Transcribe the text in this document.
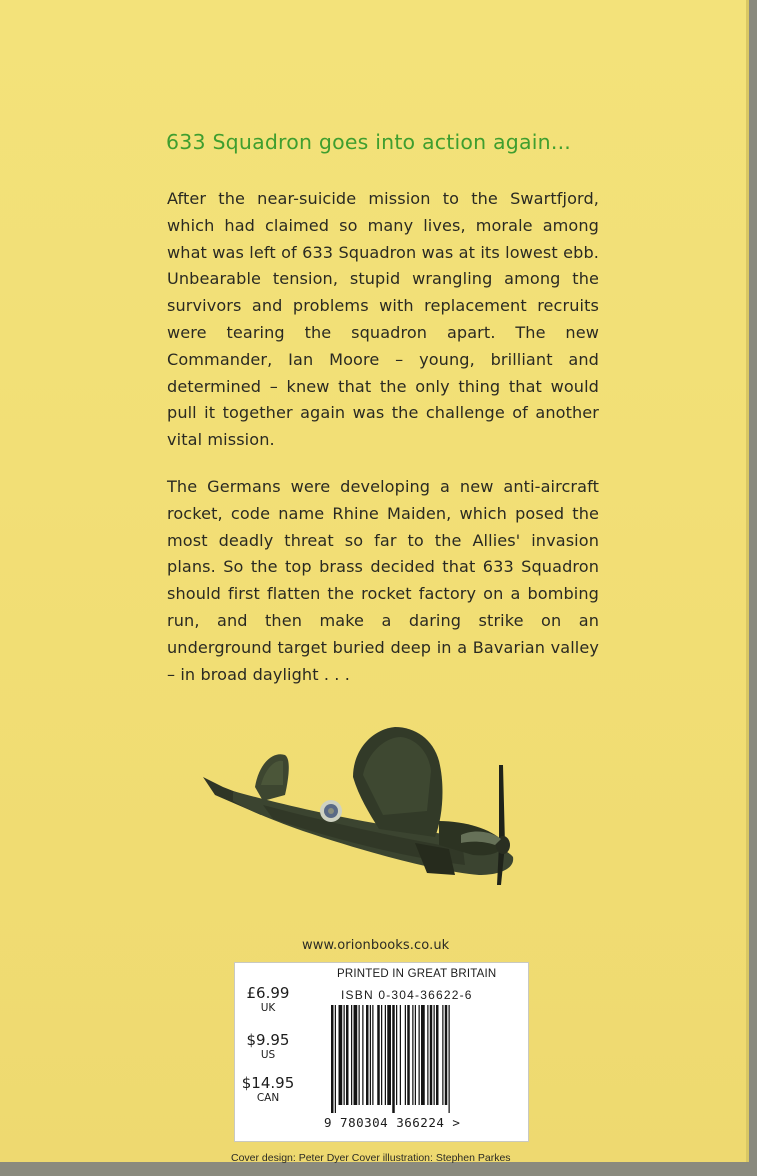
633 Squadron goes into action again...
After the near-suicide mission to the Swartfjord, which had claimed so many lives, morale among what was left of 633 Squadron was at its lowest ebb. Unbearable tension, stupid wrangling among the survivors and problems with replacement recruits were tearing the squadron apart. The new Commander, Ian Moore – young, brilliant and determined – knew that the only thing that would pull it together again was the challenge of another vital mission.
The Germans were developing a new anti-aircraft rocket, code name Rhine Maiden, which posed the most deadly threat so far to the Allies' invasion plans. So the top brass decided that 633 Squadron should first flatten the rocket factory on a bombing run, and then make a daring strike on an underground target buried deep in a Bavarian valley – in broad daylight . . .
www.orionbooks.co.uk
£6.99
UK
$9.95
US
$14.95
CAN
PRINTED IN GREAT BRITAIN
ISBN 0-304-36622-6
9 780304 366224 >
Cover design: Peter Dyer Cover illustration: Stephen Parkes
